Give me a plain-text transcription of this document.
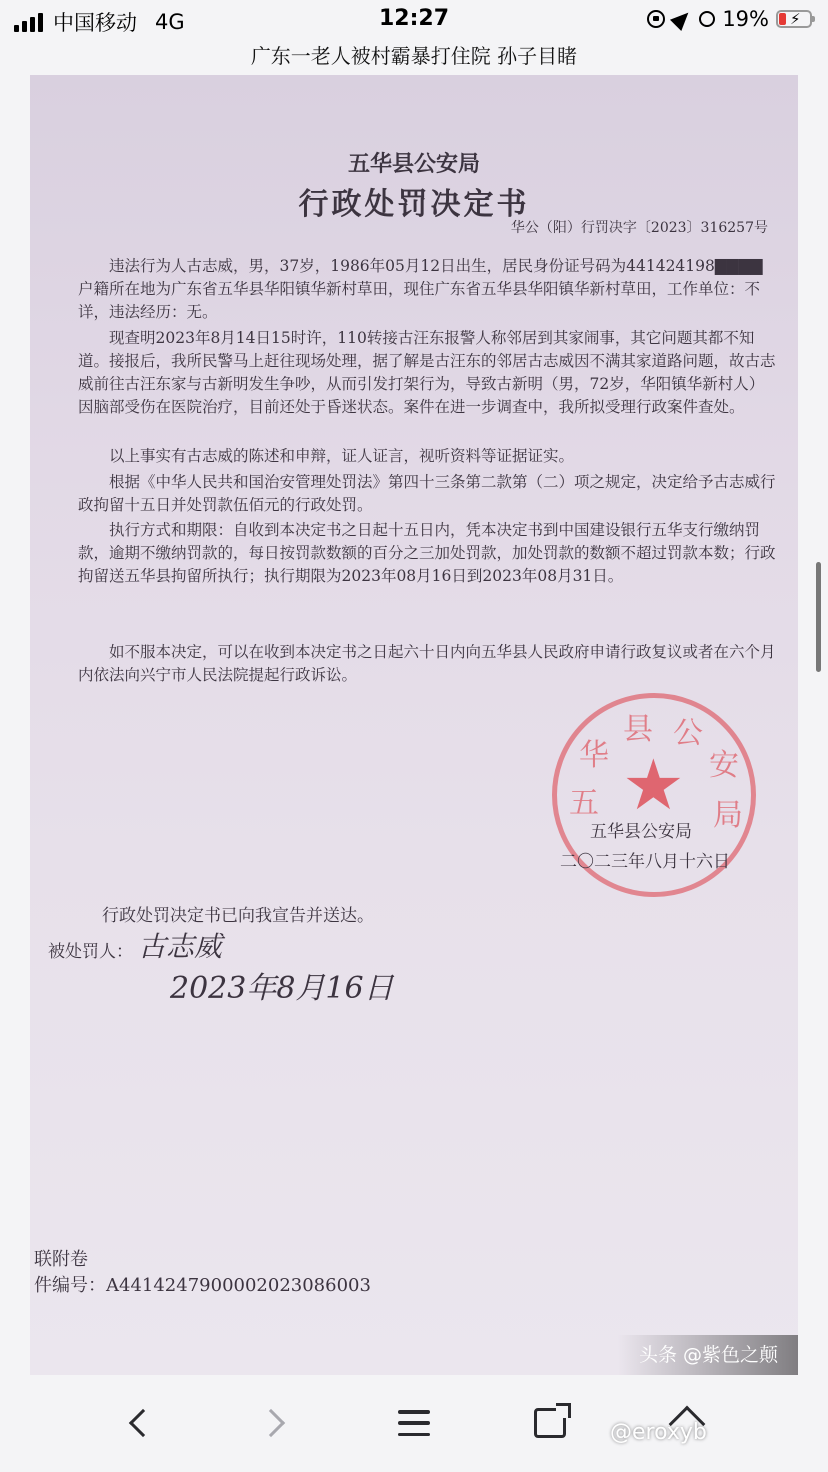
中国移动 4G	12:27	19% ⚡
广东一老人被村霸暴打住院 孙子目睹
五华县公安局
行政处罚决定书
华公（阳）行罚决字〔2023〕316257号
违法行为人古志威，男，37岁，1986年05月12日出生，居民身份证号码为441424198▇▇▇▇　　　户籍所在地为广东省五华县华阳镇华新村草田，现住广东省五华县华阳镇华新村草田，工作单位：不详，违法经历：无。
现查明2023年8月14日15时许，110转接古汪东报警人称邻居到其家闹事，其它问题其都不知道。接报后，我所民警马上赶往现场处理，据了解是古汪东的邻居古志威因不满其家道路问题，故古志威前往古汪东家与古新明发生争吵，从而引发打架行为，导致古新明（男，72岁，华阳镇华新村人）因脑部受伤在医院治疗，目前还处于昏迷状态。案件在进一步调查中，我所拟受理行政案件查处。
以上事实有古志威的陈述和申辩，证人证言，视听资料等证据证实。
根据《中华人民共和国治安管理处罚法》第四十三条第二款第（二）项之规定，决定给予古志威行政拘留十五日并处罚款伍佰元的行政处罚。
执行方式和期限：自收到本决定书之日起十五日内，凭本决定书到中国建设银行五华支行缴纳罚款，逾期不缴纳罚款的，每日按罚款数额的百分之三加处罚款，加处罚款的数额不超过罚款本数；行政拘留送五华县拘留所执行；执行期限为2023年08月16日到2023年08月31日。
如不服本决定，可以在收到本决定书之日起六十日内向五华县人民政府申请行政复议或者在六个月内依法向兴宁市人民法院提起行政诉讼。
五
华
县 公
安
局
★
五华县公安局
二〇二三年八月十六日
行政处罚决定书已向我宣告并送达。
被处罚人： 古志威
2023年8月16日
联附卷
件编号：A4414247900002023086003
头条 @紫色之颠
@eroxyb
